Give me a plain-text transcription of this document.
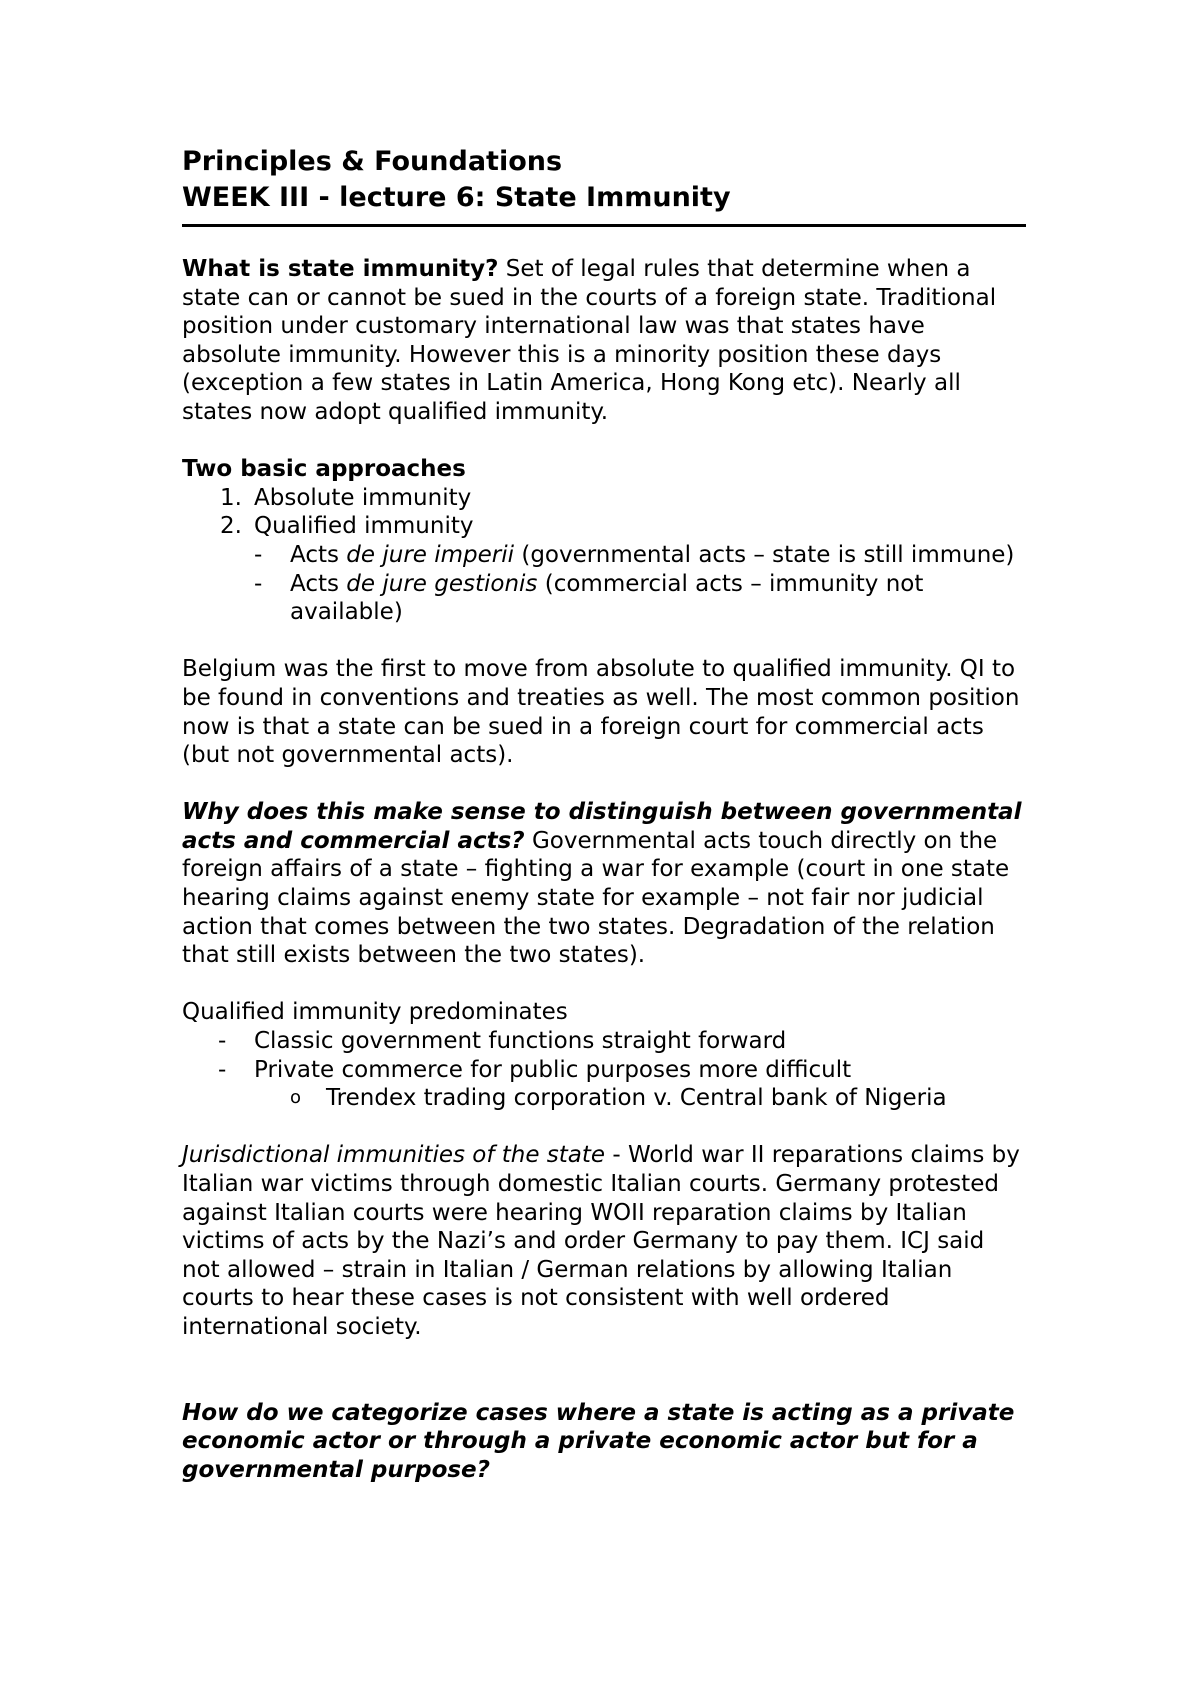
Principles & Foundations
WEEK III - lecture 6: State Immunity

What is state immunity? Set of legal rules that determine when a state can or cannot be sued in the courts of a foreign state. Traditional position under customary international law was that states have absolute immunity. However this is a minority position these days (exception a few states in Latin America, Hong Kong etc). Nearly all states now adopt qualified immunity.

Two basic approaches

1. Absolute immunity
2. Qualified immunity
-	Acts de jure imperii (governmental acts – state is still immune)
-	Acts de jure gestionis (commercial acts – immunity not available)

Belgium was the first to move from absolute to qualified immunity. QI to be found in conventions and treaties as well. The most common position now is that a state can be sued in a foreign court for commercial acts (but not governmental acts).

Why does this make sense to distinguish between governmental acts and commercial acts? Governmental acts touch directly on the foreign affairs of a state – fighting a war for example (court in one state hearing claims against enemy state for example – not fair nor judicial action that comes between the two states. Degradation of the relation that still exists between the two states).

Qualified immunity predominates

-	Classic government functions straight forward
-	Private commerce for public purposes more difficult
o	Trendex trading corporation v. Central bank of Nigeria

Jurisdictional immunities of the state - World war II reparations claims by Italian war victims through domestic Italian courts. Germany protested against Italian courts were hearing WOII reparation claims by Italian victims of acts by the Nazi’s and order Germany to pay them. ICJ said not allowed – strain in Italian / German relations by allowing Italian courts to hear these cases is not consistent with well ordered international society.

How do we categorize cases where a state is acting as a private economic actor or through a private economic actor but for a governmental purpose?
